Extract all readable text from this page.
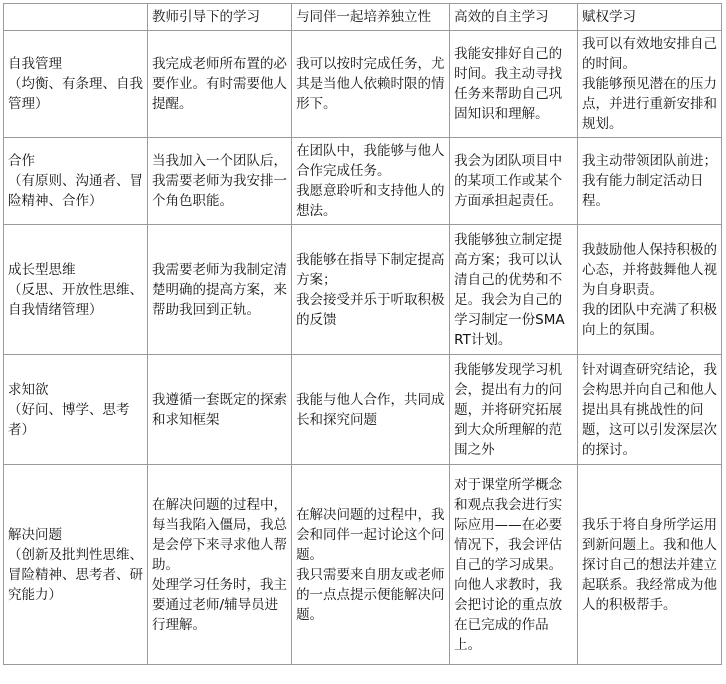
	教师引导下的学习	与同伴一起培养独立性	高效的自主学习	赋权学习

自我管理
（均衡、有条理、自我管理）	我完成老师所布置的必要作业。有时需要他人提醒。	我可以按时完成任务，尤其是当他人依赖时限的情形下。	我能安排好自己的时间。我主动寻找任务来帮助自己巩固知识和理解。	我可以有效地安排自己的时间。
我能够预见潜在的压力点，并进行重新安排和规划。

合作
（有原则、沟通者、冒险精神、合作）	当我加入一个团队后，我需要老师为我安排一个角色职能。	在团队中，我能够与他人合作完成任务。
我愿意聆听和支持他人的想法。	我会为团队项目中的某项工作或某个方面承担起责任。	我主动带领团队前进；我有能力制定活动日程。

成长型思维
（反思、开放性思维、自我情绪管理）	我需要老师为我制定清楚明确的提高方案，来帮助我回到正轨。	我能够在指导下制定提高方案；
我会接受并乐于听取积极的反馈	我能够独立制定提高方案；我可以认清自己的优势和不足。我会为自己的学习制定一份SMART计划。	我鼓励他人保持积极的心态，并将鼓舞他人视为自身职责。
我的团队中充满了积极向上的氛围。

求知欲
（好问、博学、思考者）	我遵循一套既定的探索和求知框架	我能与他人合作，共同成长和探究问题	我能够发现学习机会，提出有力的问题，并将研究拓展到大众所理解的范围之外	针对调查研究结论，我会构思并向自己和他人提出具有挑战性的问题，这可以引发深层次的探讨。

解决问题
（创新及批判性思维、冒险精神、思考者、研究能力）	在解决问题的过程中，每当我陷入僵局，我总是会停下来寻求他人帮助。
处理学习任务时，我主要通过老师/辅导员进行理解。	在解决问题的过程中，我会和同伴一起讨论这个问题。
我只需要来自朋友或老师的一点点提示便能解决问题。	对于课堂所学概念和观点我会进行实际应用——在必要情况下，我会评估自己的学习成果。向他人求教时，我会把讨论的重点放在已完成的作品上。	我乐于将自身所学运用到新问题上。我和他人探讨自己的想法并建立起联系。我经常成为他人的积极帮手。
